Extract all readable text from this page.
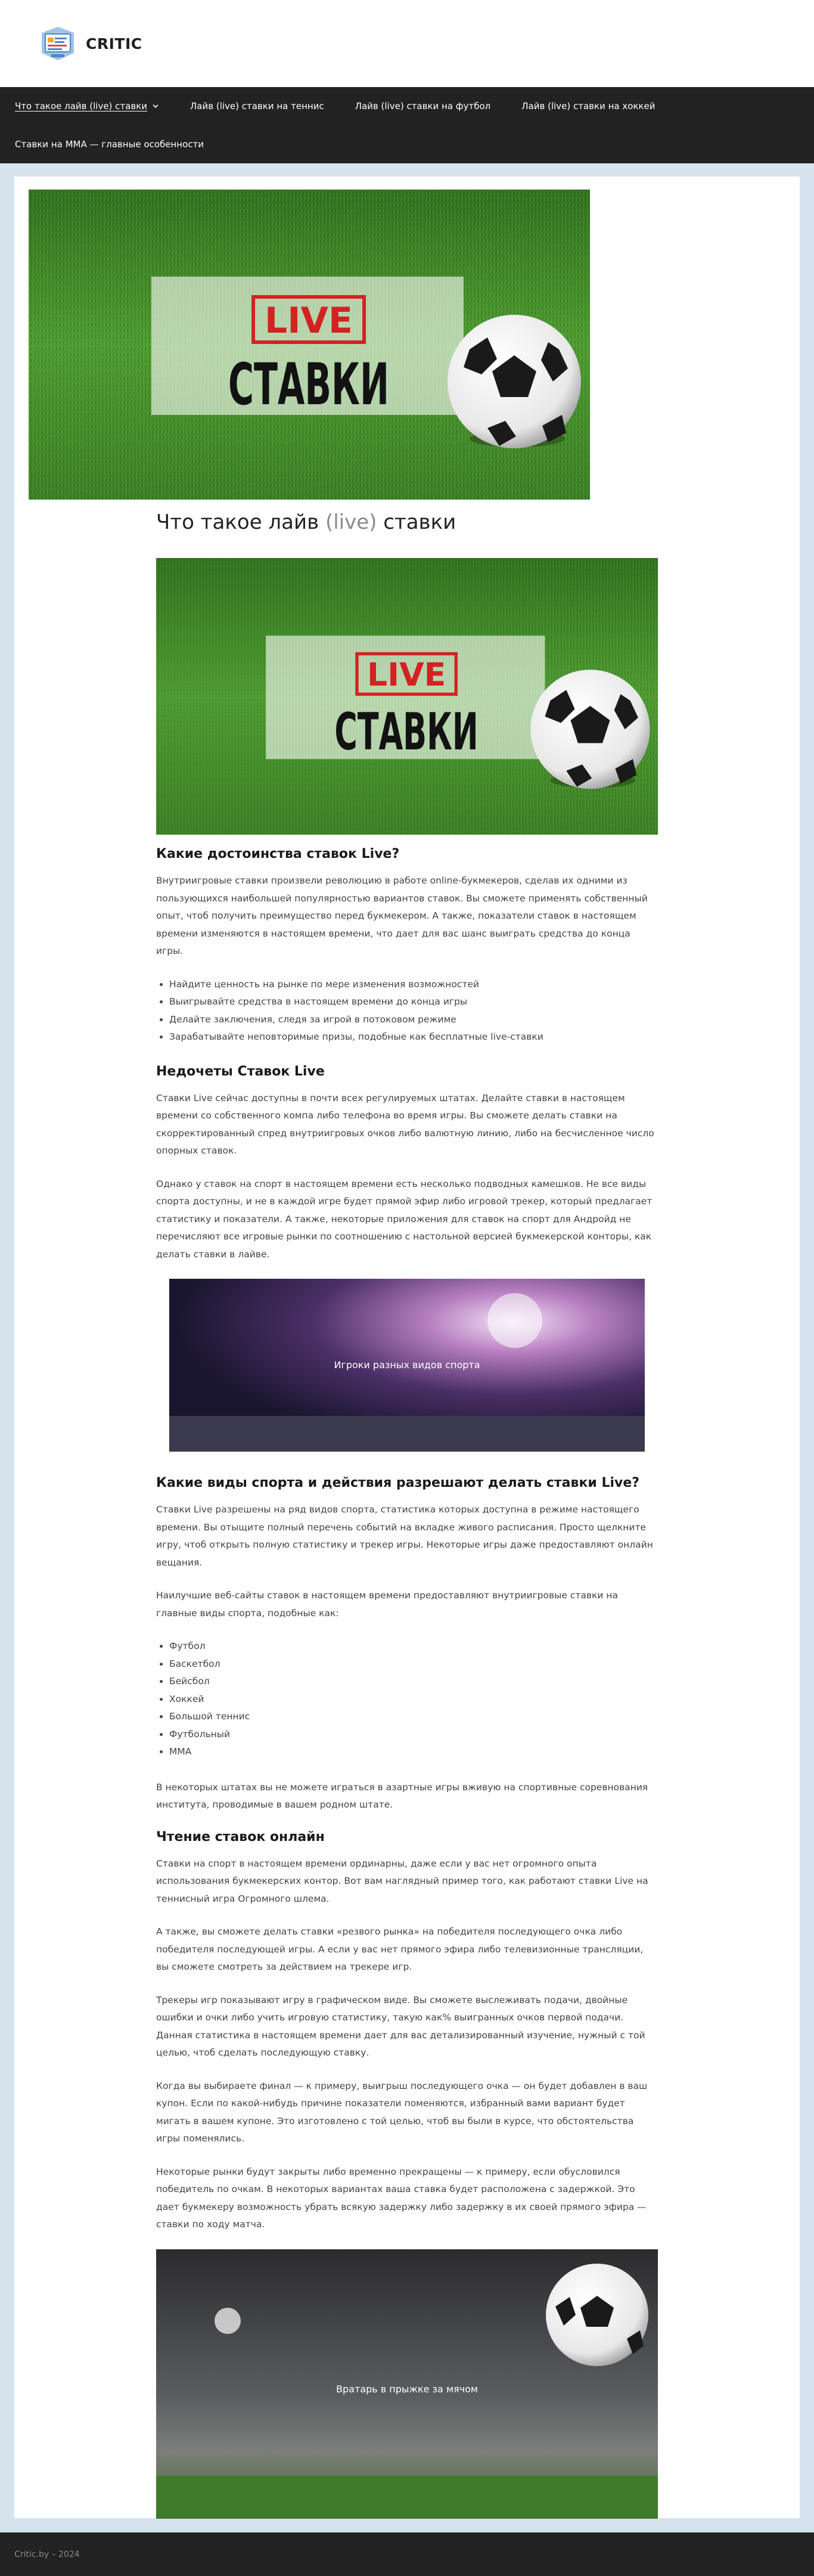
CRITIC
Что такое лайв (live) ставки	Лайв (live) ставки на теннис	Лайв (live) ставки на футбол	Лайв (live) ставки на хоккей
Ставки на ММА — главные особенности
LIVE
СТАВКИ
Что такое лайв (live) ставки
LIVE
СТАВКИ
Какие достоинства ставок Live?

Внутриигровые ставки произвели революцию в работе online-букмекеров, сделав их одними из пользующихся наибольшей популярностью вариантов ставок. Вы сможете применять собственный опыт, чтоб получить преимущество перед букмекером. А также, показатели ставок в настоящем времени изменяются в настоящем времени, что дает для вас шанс выиграть средства до конца игры.

• Найдите ценность на рынке по мере изменения возможностей
• Выигрывайте средства в настоящем времени до конца игры
• Делайте заключения, следя за игрой в потоковом режиме
• Зарабатывайте неповторимые призы, подобные как бесплатные live-ставки
Недочеты Ставок Live

Ставки Live сейчас доступны в почти всех регулируемых штатах. Делайте ставки в настоящем времени со собственного компа либо телефона во время игры. Вы сможете делать ставки на скорректированный спред внутриигровых очков либо валютную линию, либо на бесчисленное число опорных ставок.

Однако у ставок на спорт в настоящем времени есть несколько подводных камешков. Не все виды спорта доступны, и не в каждой игре будет прямой эфир либо игровой трекер, который предлагает статистику и показатели. А также, некоторые приложения для ставок на спорт для Андройд не перечисляют все игровые рынки по соотношению с настольной версией букмекерской конторы, как делать ставки в лайве.

Игроки разных видов спорта
Какие виды спорта и действия разрешают делать ставки Live?

Ставки Live разрешены на ряд видов спорта, статистика которых доступна в режиме настоящего времени. Вы отыщите полный перечень событий на вкладке живого расписания. Просто щелкните игру, чтоб открыть полную статистику и трекер игры. Некоторые игры даже предоставляют онлайн вещания.

Наилучшие веб-сайты ставок в настоящем времени предоставляют внутриигровые ставки на главные виды спорта, подобные как:

• Футбол
• Баскетбол
• Бейсбол
• Хоккей
• Большой теннис
• Футбольный
• ММА

В некоторых штатах вы не можете играться в азартные игры вживую на спортивные соревнования института, проводимые в вашем родном штате.

Чтение ставок онлайн

Ставки на спорт в настоящем времени ординарны, даже если у вас нет огромного опыта использования букмекерских контор. Вот вам наглядный пример того, как работают ставки Live на теннисный игра Огромного шлема.

А также, вы сможете делать ставки «резвого рынка» на победителя последующего очка либо победителя последующей игры. А если у вас нет прямого эфира либо телевизионные трансляции, вы сможете смотреть за действием на трекере игр.

Трекеры игр показывают игру в графическом виде. Вы сможете выслеживать подачи, двойные ошибки и очки либо учить игровую статистику, такую как% выигранных очков первой подачи. Данная статистика в настоящем времени дает для вас детализированный изучение, нужный с той целью, чтоб сделать последующую ставку.

Когда вы выбираете финал — к примеру, выигрыш последующего очка — он будет добавлен в ваш купон. Если по какой-нибудь причине показатели поменяются, избранный вами вариант будет мигать в вашем купоне. Это изготовлено с той целью, чтоб вы были в курсе, что обстоятельства игры поменялись.

Некоторые рынки будут закрыты либо временно прекращены — к примеру, если обусловился победитель по очкам. В некоторых вариантах ваша ставка будет расположена с задержкой. Это дает букмекеру возможность убрать всякую задержку либо задержку в их своей прямого эфира — ставки по ходу матча.

Вратарь в прыжке за мячом
Critic.by – 2024
